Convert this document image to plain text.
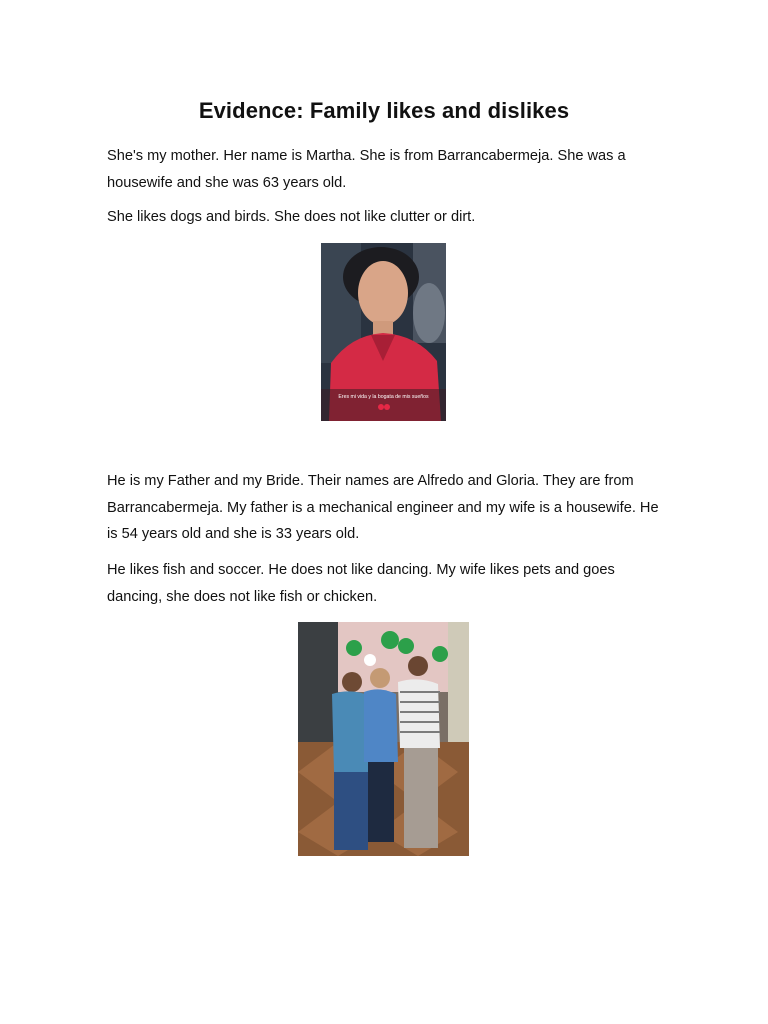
Evidence: Family likes and dislikes

She's my mother. Her name is Martha. She is from Barrancabermeja. She was a housewife and she was 63 years old.

She likes dogs and birds. She does not like clutter or dirt.

Eres mi vida y la bogata de mis sueños

He is my Father and my Bride. Their names are Alfredo and Gloria. They are from Barrancabermeja. My father is a mechanical engineer and my wife is a housewife. He is 54 years old and she is 33 years old.

He likes fish and soccer. He does not like dancing. My wife likes pets and goes dancing, she does not like fish or chicken.
